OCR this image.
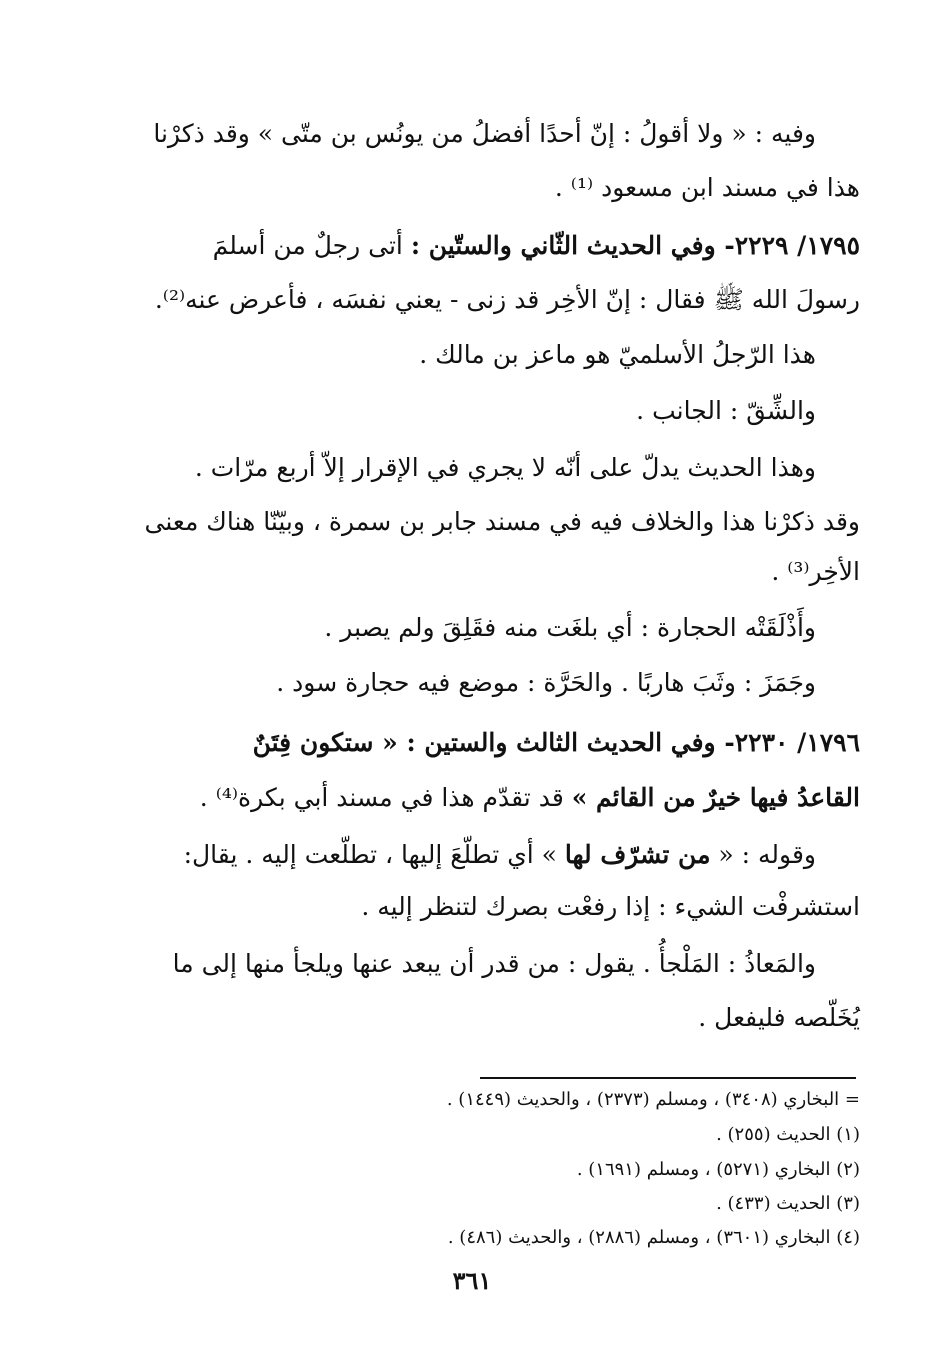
وفيه : « ولا أقولُ : إنّ أحدًا أفضلُ من يونُس بن متّى » وقد ذكرْنا
هذا في مسند ابن مسعود ⁽¹⁾ .
١٧٩٥/ ٢٢٢٩- وفي الحديث الثّاني والستّين : أتى رجلٌ من أسلمَ
رسولَ الله ﷺ فقال : إنّ الأخِر قد زنى - يعني نفسَه ، فأعرض عنه⁽²⁾.
هذا الرّجلُ الأسلميّ هو ماعز بن مالك .
والشِّقّ : الجانب .
وهذا الحديث يدلّ على أنّه لا يجري في الإقرار إلاّ أربع مرّات .
وقد ذكرْنا هذا والخلاف فيه في مسند جابر بن سمرة ، وبيّنّا هناك معنى
الأخِر⁽³⁾ .
وأَذْلَقَتْه الحجارة : أي بلغَت منه فقَلِقَ ولم يصبر .
وجَمَزَ : وثَبَ هاربًا . والحَرَّة : موضع فيه حجارة سود .
١٧٩٦/ ٢٢٣٠- وفي الحديث الثالث والستين : « ستكون فِتَنٌ
القاعدُ فيها خيرٌ من القائم » قد تقدّم هذا في مسند أبي بكرة⁽⁴⁾ .
وقوله : « من تشرّف لها » أي تطلّعَ إليها ، تطلّعت إليه . يقال:
استشرفْت الشيء : إذا رفعْت بصرك لتنظر إليه .
والمَعاذُ : المَلْجأُ . يقول : من قدر أن يبعد عنها ويلجأ منها إلى ما
يُخَلّصه فليفعل .
= البخاري (٣٤٠٨) ، ومسلم (٢٣٧٣) ، والحديث (١٤٤٩) .
(١) الحديث (٢٥٥) .
(٢) البخاري (٥٢٧١) ، ومسلم (١٦٩١) .
(٣) الحديث (٤٣٣) .
(٤) البخاري (٣٦٠١) ، ومسلم (٢٨٨٦) ، والحديث (٤٨٦) .
٣٦١
